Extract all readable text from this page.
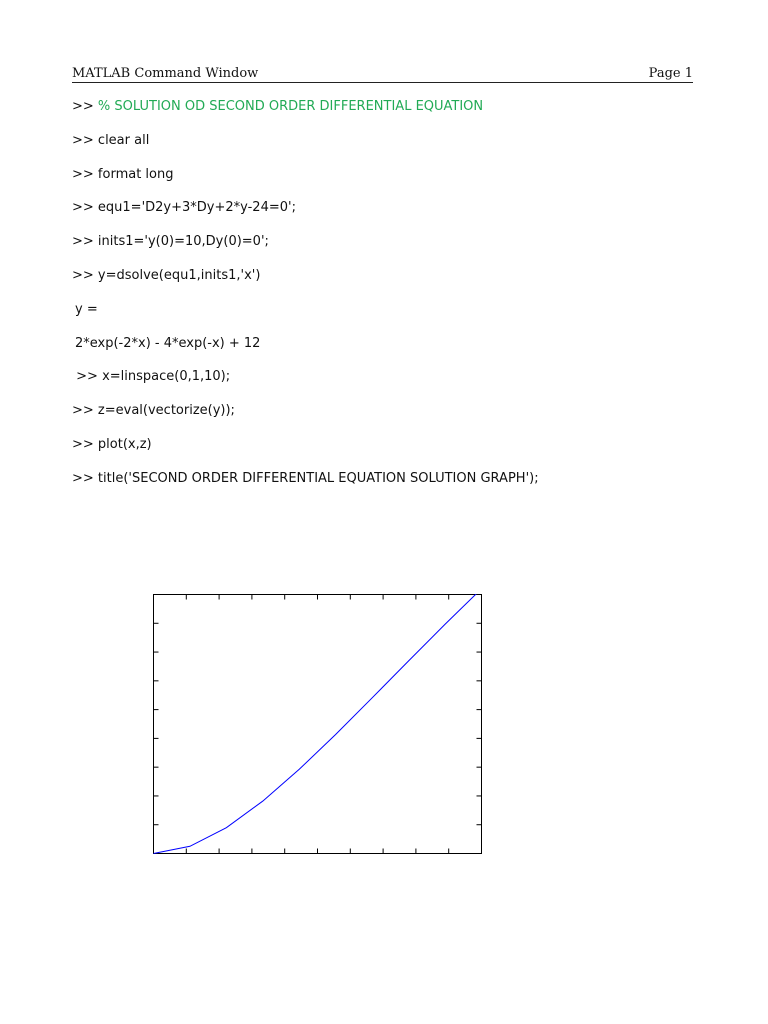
MATLAB Command Window	Page 1
>> % SOLUTION OD SECOND ORDER DIFFERENTIAL EQUATION
>> clear all
>> format long
>> equ1='D2y+3*Dy+2*y-24=0';
>> inits1='y(0)=10,Dy(0)=0';
>> y=dsolve(equ1,inits1,'x')
y =
2*exp(-2*x) - 4*exp(-x) + 12
>> x=linspace(0,1,10);
>> z=eval(vectorize(y));
>> plot(x,z)
>> title('SECOND ORDER DIFFERENTIAL EQUATION SOLUTION GRAPH');
